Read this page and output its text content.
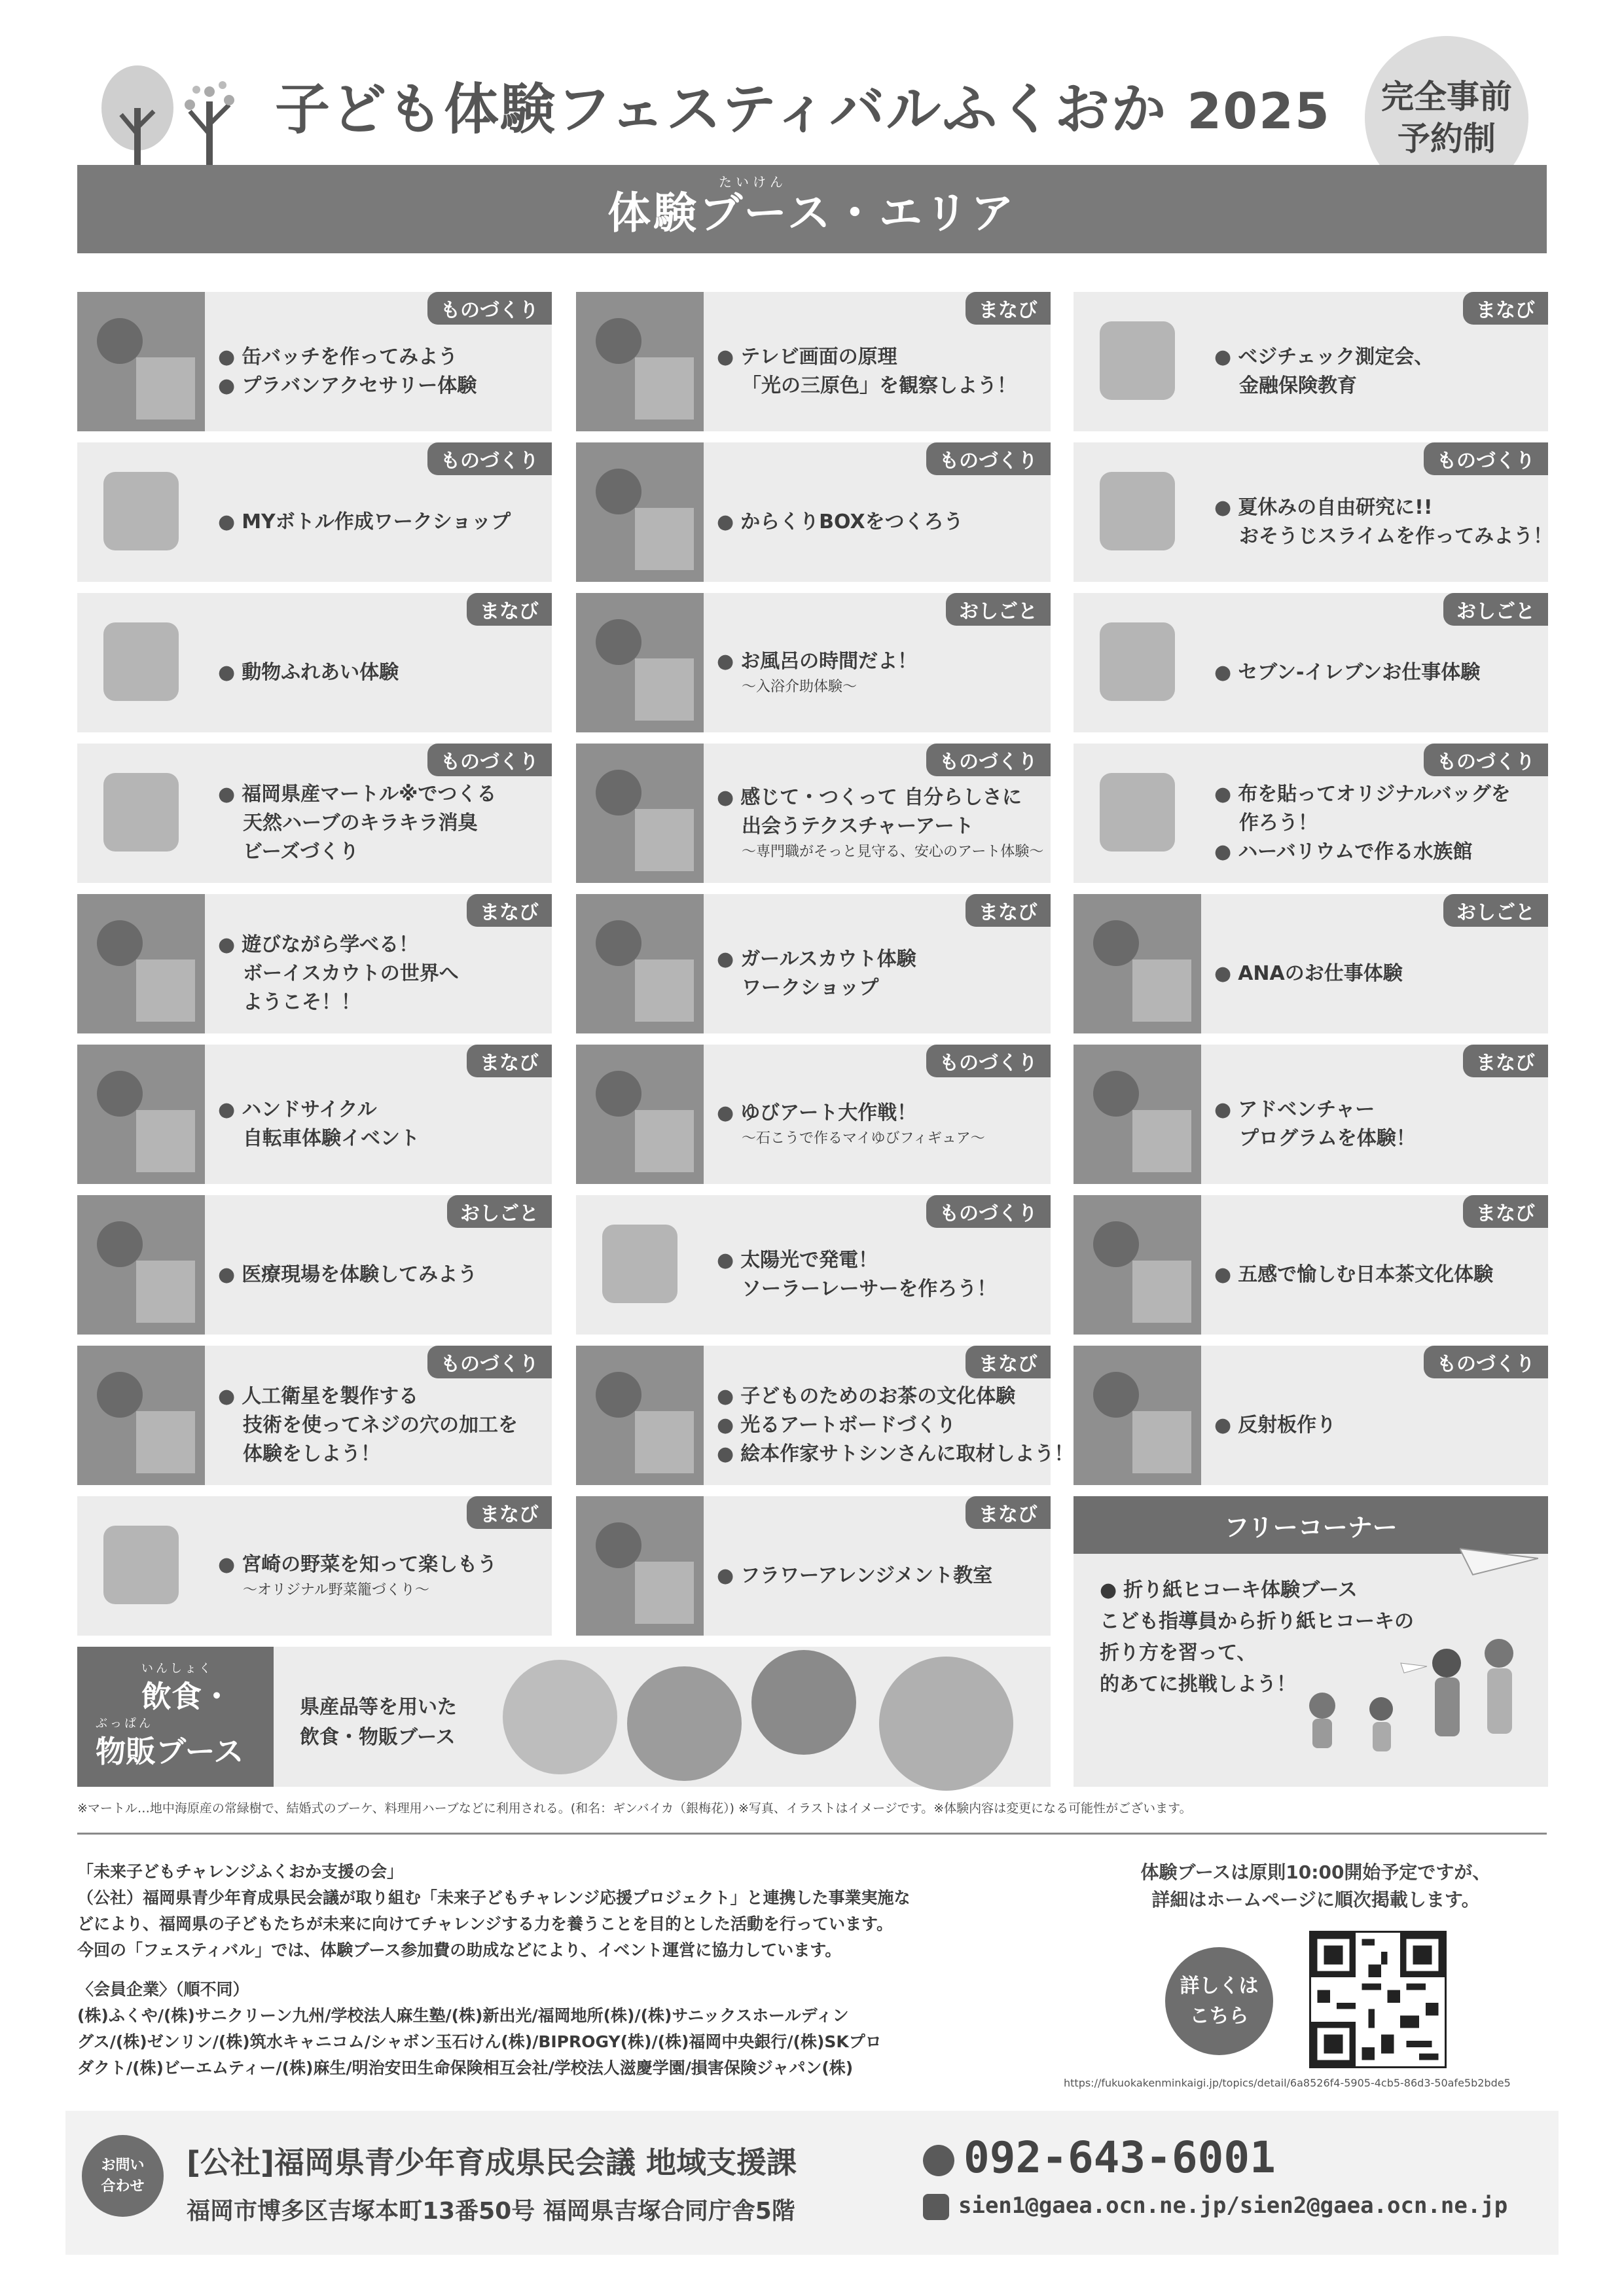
子ども体験フェスティバルふくおか 2025 完全事前
予約制
たいけん
体験ブース・エリア
ものづくり
● 缶バッチを作ってみよう
● プラバンアクセサリー体験
まなび
● テレビ画面の原理
「光の三原色」を観察しよう！
まなび
● ベジチェック測定会、
金融保険教育
ものづくり
● MYボトル作成ワークショップ
ものづくり
● からくりBOXをつくろう
ものづくり
● 夏休みの自由研究に!!
おそうじスライムを作ってみよう！
まなび
● 動物ふれあい体験
おしごと
● お風呂の時間だよ！
～入浴介助体験～
おしごと
● セブン-イレブンお仕事体験
ものづくり
● 福岡県産マートル※でつくる
天然ハーブのキラキラ消臭
ビーズづくり
ものづくり
● 感じて・つくって 自分らしさに
出会うテクスチャーアート
～専門職がそっと見守る、安心のアート体験～
ものづくり
● 布を貼ってオリジナルバッグを
作ろう！
● ハーバリウムで作る水族館
まなび
● 遊びながら学べる！
ボーイスカウトの世界へ
ようこそ！！
まなび
● ガールスカウト体験
ワークショップ
おしごと
● ANAのお仕事体験
まなび
● ハンドサイクル
自転車体験イベント
ものづくり
● ゆびアート大作戦！
～石こうで作るマイゆびフィギュア～
まなび
● アドベンチャー
プログラムを体験！
おしごと
● 医療現場を体験してみよう
ものづくり
● 太陽光で発電！
ソーラーレーサーを作ろう！
まなび
● 五感で愉しむ日本茶文化体験
ものづくり
● 人工衛星を製作する
技術を使ってネジの穴の加工を
体験をしよう！
まなび
● 子どものためのお茶の文化体験
● 光るアートボードづくり
● 絵本作家サトシンさんに取材しよう！
ものづくり
● 反射板作り
まなび
● 宮崎の野菜を知って楽しもう
～オリジナル野菜籠づくり～
まなび
● フラワーアレンジメント教室
いんしょく
飲食・
ぶっぱん
物販ブース
県産品等を用いた
飲食・物販ブース
フリーコーナー
● 折り紙ヒコーキ体験ブース
こども指導員から折り紙ヒコーキの
折り方を習って、
的あてに挑戦しよう！
※マートル…地中海原産の常緑樹で、結婚式のブーケ、料理用ハーブなどに利用される。(和名：ギンバイカ（銀梅花）) ※写真、イラストはイメージです。※体験内容は変更になる可能性がございます。

「未来子どもチャレンジふくおか支援の会」

（公社）福岡県青少年育成県民会議が取り組む「未来子どもチャレンジ応援プロジェクト」と連携した事業実施な

どにより、福岡県の子どもたちが未来に向けてチャレンジする力を養うことを目的とした活動を行っています。

今回の「フェスティバル」では、体験ブース参加費の助成などにより、イベント運営に協力しています。

〈会員企業〉（順不同）

(株)ふくや/(株)サニクリーン九州/学校法人麻生塾/(株)新出光/福岡地所(株)/(株)サニックスホールディン

グス/(株)ゼンリン/(株)筑水キャニコム/シャボン玉石けん(株)/BIPROGY(株)/(株)福岡中央銀行/(株)SKプロ

ダクト/(株)ビーエムティー/(株)麻生/明治安田生命保険相互会社/学校法人滋慶学園/損害保険ジャパン(株)

体験ブースは原則10:00開始予定ですが、
詳細はホームページに順次掲載します。
詳しくは
こちら
https://fukuokakenminkaigi.jp/topics/detail/6a8526f4-5905-4cb5-86d3-50afe5b2bde5
お問い
合わせ
[公社]福岡県青少年育成県民会議 地域支援課
福岡市博多区吉塚本町13番50号 福岡県吉塚合同庁舎5階
092-643-6001
sien1@gaea.ocn.ne.jp/sien2@gaea.ocn.ne.jp
